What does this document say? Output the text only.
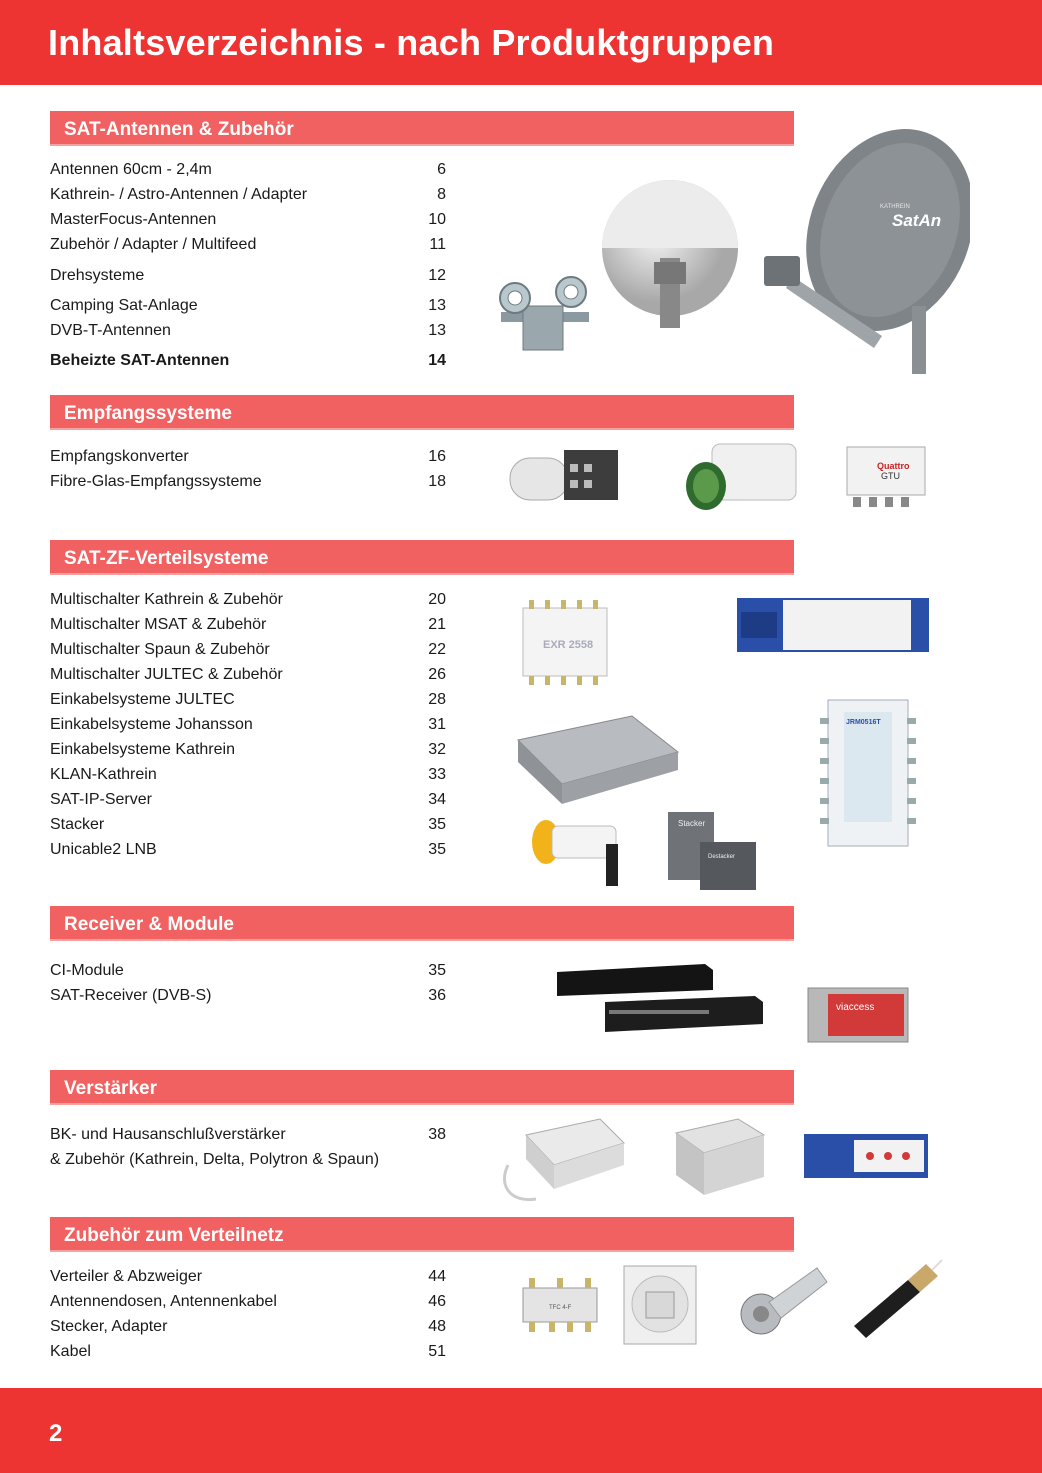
Inhaltsverzeichnis - nach Produktgruppen
SAT-Antennen & Zubehör
Antennen 60cm - 2,4m	6
Kathrein- / Astro-Antennen / Adapter	8
MasterFocus-Antennen	10
Zubehör / Adapter / Multifeed	11
Drehsysteme	12
Camping Sat-Anlage	13
DVB-T-Antennen	13
Beheizte SAT-Antennen	14
SatAn
KATHREIN
Empfangssysteme
Empfangskonverter	16
Fibre-Glas-Empfangssysteme	18
Quattro
GTU
SAT-ZF-Verteilsysteme
Multischalter Kathrein & Zubehör	20
Multischalter MSAT & Zubehör	21
Multischalter Spaun & Zubehör	22
Multischalter JULTEC & Zubehör	26
Einkabelsysteme JULTEC	28
Einkabelsysteme Johansson	31
Einkabelsysteme Kathrein	32
KLAN-Kathrein	33
SAT-IP-Server	34
Stacker	35
Unicable2 LNB	35
EXR 2558
JRM0516T
Stacker
Destacker
Receiver & Module
CI-Module	35
SAT-Receiver (DVB-S)	36
viaccess
Verstärker
BK- und Hausanschlußverstärker	38
& Zubehör (Kathrein, Delta, Polytron & Spaun)
Zubehör zum Verteilnetz
Verteiler & Abzweiger	44
Antennendosen, Antennenkabel	46
Stecker, Adapter	48
Kabel	51
TFC 4-F
2
